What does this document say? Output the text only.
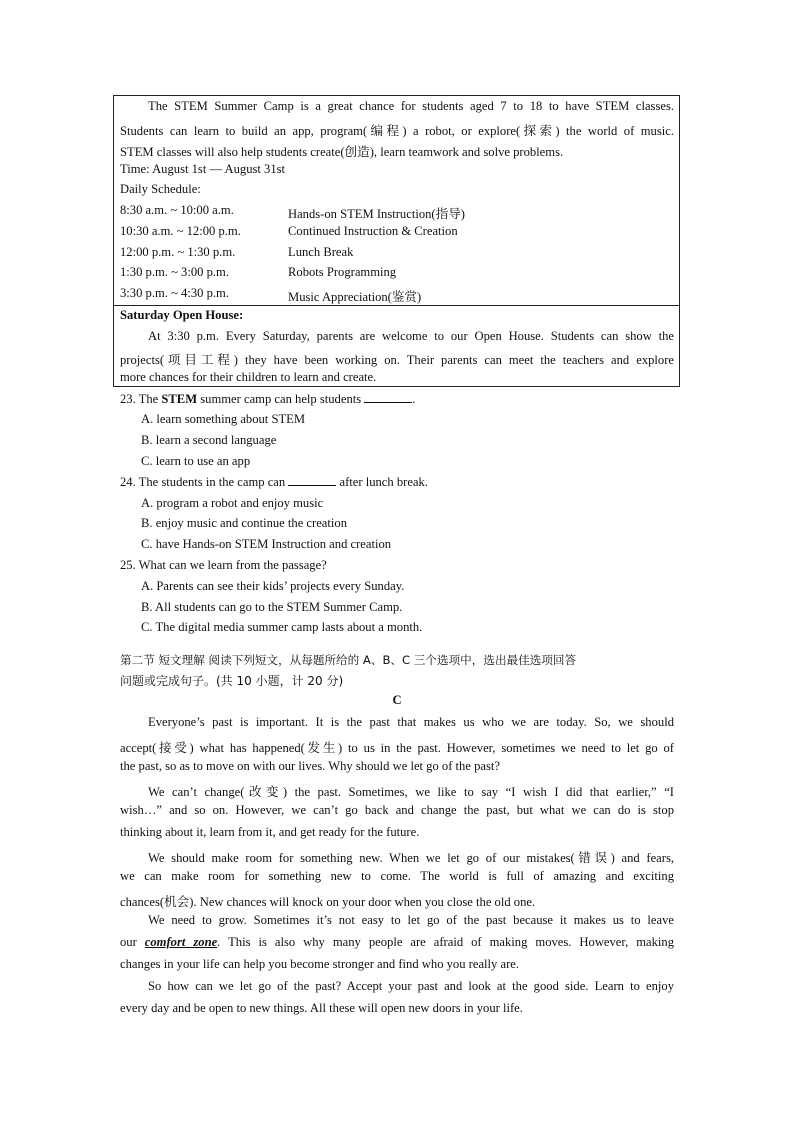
The STEM Summer Camp is a great chance for students aged 7 to 18 to have STEM classes.
Students can learn to build an app, program(编程) a robot, or explore(探索) the world of music.
STEM classes will also help students create(创造), learn teamwork and solve problems.
Time: August 1st — August 31st
Daily Schedule:
8:30 a.m. ~ 10:00 a.m.	Hands-on STEM Instruction(指导)
10:30 a.m. ~ 12:00 p.m.	Continued Instruction & Creation
12:00 p.m. ~ 1:30 p.m.	Lunch Break
1:30 p.m. ~ 3:00 p.m.	Robots Programming
3:30 p.m. ~ 4:30 p.m.	Music Appreciation(鉴赏)
Saturday Open House:
At 3:30 p.m. Every Saturday, parents are welcome to our Open House. Students can show the
projects(项目工程) they have been working on. Their parents can meet the teachers and explore
more chances for their children to learn and create.
23. The STEM summer camp can help students	.
A. learn something about STEM
B. learn a second language
C. learn to use an app
24. The students in the camp can	after lunch break.
A. program a robot and enjoy music
B. enjoy music and continue the creation
C. have Hands-on STEM Instruction and creation
25. What can we learn from the passage?
A. Parents can see their kids’ projects every Sunday.
B. All students can go to the STEM Summer Camp.
C. The digital media summer camp lasts about a month.
第二节 短文理解 阅读下列短文，从每题所给的 A、B、C 三个选项中，选出最佳选项回答
问题或完成句子。(共 10 小题，计 20 分)
C
Everyone’s past is important. It is the past that makes us who we are today. So, we should
accept(接受) what has happened(发生) to us in the past. However, sometimes we need to let go of
the past, so as to move on with our lives. Why should we let go of the past?
We can’t change(改变) the past. Sometimes, we like to say “I wish I did that earlier,” “I
wish…” and so on. However, we can’t go back and change the past, but what we can do is stop
thinking about it, learn from it, and get ready for the future.
We should make room for something new. When we let go of our mistakes(错误) and fears,
we can make room for something new to come. The world is full of amazing and exciting
chances(机会). New chances will knock on your door when you close the old one.
We need to grow. Sometimes it’s not easy to let go of the past because it makes us to leave
our comfort zone. This is also why many people are afraid of making moves. However, making
changes in your life can help you become stronger and find who you really are.
So how can we let go of the past? Accept your past and look at the good side. Learn to enjoy
every day and be open to new things. All these will open new doors in your life.
